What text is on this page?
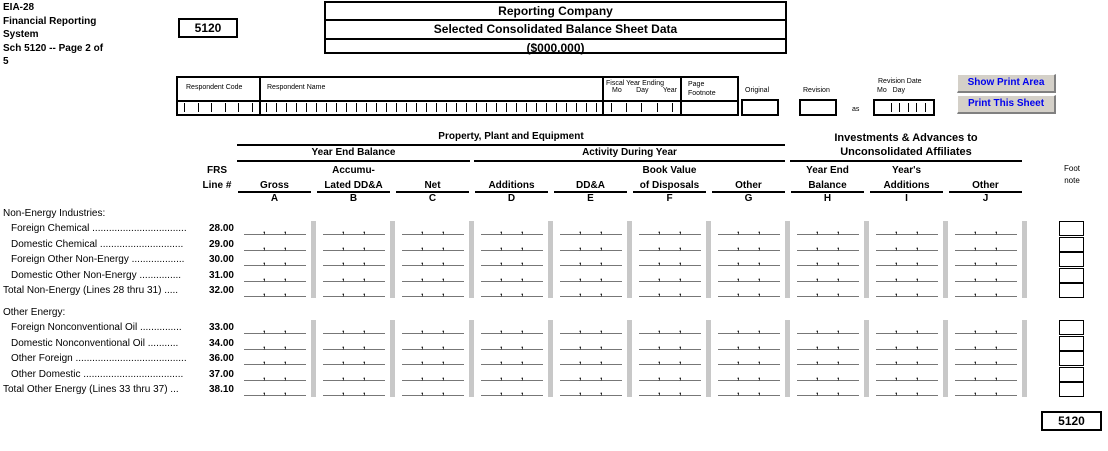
EIA-28
Financial Reporting
System
Sch 5120 -- Page 2 of
5
5120
Reporting Company
Selected Consolidated Balance Sheet Data
($000,000)
Respondent Code	Respondent Name
Fiscal Year Ending
Mo Day Year
Page
Footnote	Original	Revision
as
Revision Date
Mo Day
Show Print Area
Print This Sheet
Property, Plant and Equipment
Year End Balance	Activity During Year
Investments & Advances to
Unconsolidated Affiliates
FRS
Line #
Foot
note
5120
Gross
A
Accumu-
Lated DD&A
B
Net
C
Additions
D
DD&A
E
Book Value
of Disposals
F
Other
G
Year End
Balance
H
Year's
Additions
I
Other
J
Non-Energy Industries:
Foreign Chemical ..................................	28.00	, ,	, ,	, ,	, ,	, ,	, ,	, ,	, ,	, ,	, ,
Domestic Chemical ..............................	29.00	, ,	, ,	, ,	, ,	, ,	, ,	, ,	, ,	, ,	, ,
Foreign Other Non-Energy ...................	30.00	, ,	, ,	, ,	, ,	, ,	, ,	, ,	, ,	, ,	, ,
Domestic Other Non-Energy ...............	31.00	, ,	, ,	, ,	, ,	, ,	, ,	, ,	, ,	, ,	, ,
Total Non-Energy (Lines 28 thru 31) .....	32.00	, ,	, ,	, ,	, ,	, ,	, ,	, ,	, ,	, ,	, ,
Other Energy:
Foreign Nonconventional Oil ...............	33.00	, ,	, ,	, ,	, ,	, ,	, ,	, ,	, ,	, ,	, ,
Domestic Nonconventional Oil ...........	34.00	, ,	, ,	, ,	, ,	, ,	, ,	, ,	, ,	, ,	, ,
Other Foreign ........................................	36.00	, ,	, ,	, ,	, ,	, ,	, ,	, ,	, ,	, ,	, ,
Other Domestic ....................................	37.00	, ,	, ,	, ,	, ,	, ,	, ,	, ,	, ,	, ,	, ,
Total Other Energy (Lines 33 thru 37) ...	38.10	, ,	, ,	, ,	, ,	, ,	, ,	, ,	, ,	, ,	, ,
